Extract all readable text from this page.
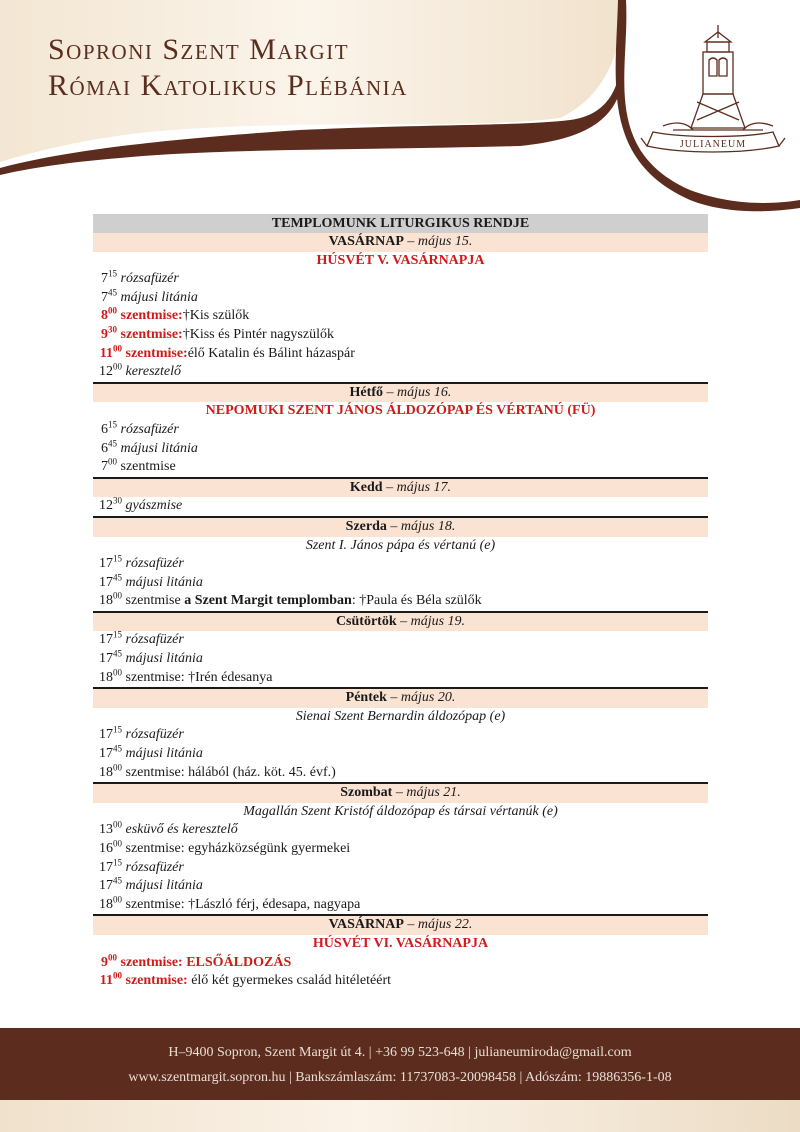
Soproni Szent Margit
Római Katolikus Plébánia
JULIANEUM
TEMPLOMUNK LITURGIKUS RENDJE
VASÁRNAP – május 15.
HÚSVÉT V. VASÁRNAPJA
$7^{15}$ rózsafüzér
$7^{45}$ májusi litánia
$8^{00}$ szentmise:†Kis szülők
$9^{30}$ szentmise:†Kiss és Pintér nagyszülők
$11^{00}$ szentmise:élő Katalin és Bálint házaspár
$12^{00}$ keresztelő
Hétfő – május 16.
NEPOMUKI SZENT JÁNOS ÁLDOZÓPAP ÉS VÉRTANÚ (FÜ)
$6^{15}$ rózsafüzér
$6^{45}$ májusi litánia
$7^{00}$ szentmise
Kedd – május 17.
$12^{30}$ gyászmise
Szerda – május 18.
Szent I. János pápa és vértanú (e)
$17^{15}$ rózsafüzér
$17^{45}$ májusi litánia
$18^{00}$ szentmise a Szent Margit templomban: †Paula és Béla szülők
Csütörtök – május 19.
$17^{15}$ rózsafüzér
$17^{45}$ májusi litánia
$18^{00}$ szentmise: †Irén édesanya
Péntek – május 20.
Sienai Szent Bernardin áldozópap (e)
$17^{15}$ rózsafüzér
$17^{45}$ májusi litánia
$18^{00}$ szentmise: hálából (ház. köt. 45. évf.)
Szombat – május 21.
Magallán Szent Kristóf áldozópap és társai vértanúk (e)
$13^{00}$ esküvő és keresztelő
$16^{00}$ szentmise: egyházközségünk gyermekei
$17^{15}$ rózsafüzér
$17^{45}$ májusi litánia
$18^{00}$ szentmise: †László férj, édesapa, nagyapa
VASÁRNAP – május 22.
HÚSVÉT VI. VASÁRNAPJA
$9^{00}$ szentmise: ELSŐÁLDOZÁS
$11^{00}$ szentmise: élő két gyermekes család hitéletéért
H–9400 Sopron, Szent Margit út 4. | +36 99 523-648 | julianeumiroda@gmail.com
www.szentmargit.sopron.hu | Bankszámlaszám: 11737083-20098458 | Adószám: 19886356-1-08
